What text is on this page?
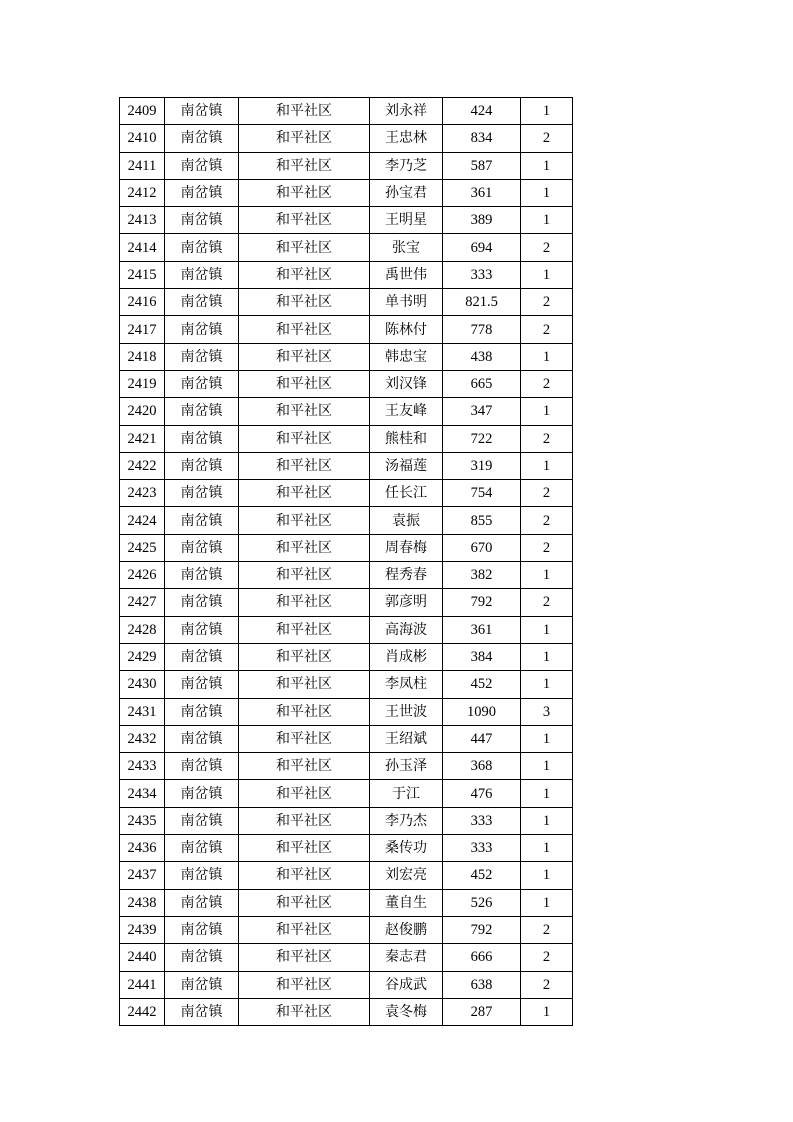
2409	南岔镇	和平社区	刘永祥	424	1
2410	南岔镇	和平社区	王忠林	834	2
2411	南岔镇	和平社区	李乃芝	587	1
2412	南岔镇	和平社区	孙宝君	361	1
2413	南岔镇	和平社区	王明星	389	1
2414	南岔镇	和平社区	张宝	694	2
2415	南岔镇	和平社区	禹世伟	333	1
2416	南岔镇	和平社区	单书明	821.5	2
2417	南岔镇	和平社区	陈林付	778	2
2418	南岔镇	和平社区	韩忠宝	438	1
2419	南岔镇	和平社区	刘汉锋	665	2
2420	南岔镇	和平社区	王友峰	347	1
2421	南岔镇	和平社区	熊桂和	722	2
2422	南岔镇	和平社区	汤福莲	319	1
2423	南岔镇	和平社区	任长江	754	2
2424	南岔镇	和平社区	袁振	855	2
2425	南岔镇	和平社区	周春梅	670	2
2426	南岔镇	和平社区	程秀春	382	1
2427	南岔镇	和平社区	郭彦明	792	2
2428	南岔镇	和平社区	高海波	361	1
2429	南岔镇	和平社区	肖成彬	384	1
2430	南岔镇	和平社区	李凤柱	452	1
2431	南岔镇	和平社区	王世波	1090	3
2432	南岔镇	和平社区	王绍斌	447	1
2433	南岔镇	和平社区	孙玉泽	368	1
2434	南岔镇	和平社区	于江	476	1
2435	南岔镇	和平社区	李乃杰	333	1
2436	南岔镇	和平社区	桑传功	333	1
2437	南岔镇	和平社区	刘宏亮	452	1
2438	南岔镇	和平社区	董自生	526	1
2439	南岔镇	和平社区	赵俊鹏	792	2
2440	南岔镇	和平社区	秦志君	666	2
2441	南岔镇	和平社区	谷成武	638	2
2442	南岔镇	和平社区	袁冬梅	287	1
